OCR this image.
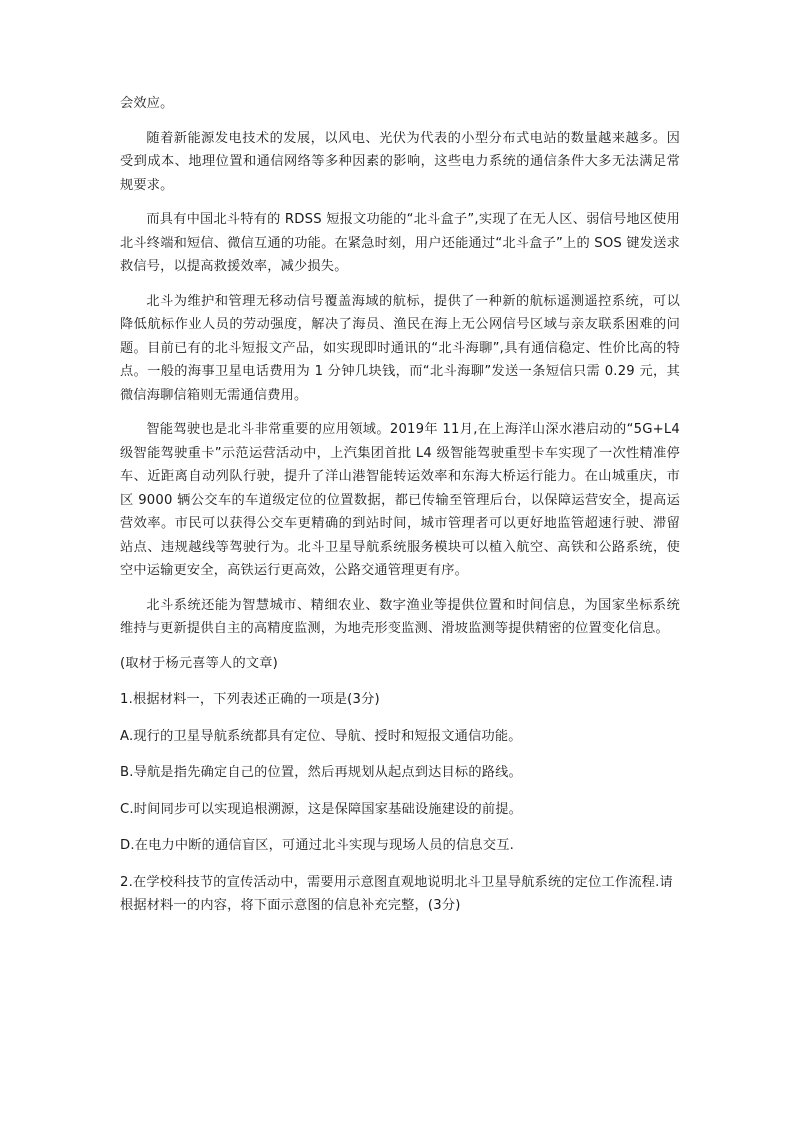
会效应。

随着新能源发电技术的发展，以风电、光伏为代表的小型分布式电站的数量越来越多。因受到成本、地理位置和通信网络等多种因素的影响，这些电力系统的通信条件大多无法满足常规要求。

而具有中国北斗特有的 RDSS 短报文功能的“北斗盒子”,实现了在无人区、弱信号地区使用北斗终端和短信、微信互通的功能。在紧急时刻，用户还能通过“北斗盒子”上的 SOS 键发送求救信号，以提高救援效率，减少损失。

北斗为维护和管理无移动信号覆盖海域的航标，提供了一种新的航标遥测遥控系统，可以降低航标作业人员的劳动强度，解决了海员、渔民在海上无公网信号区域与亲友联系困难的问题。目前已有的北斗短报文产品，如实现即时通讯的“北斗海聊”,具有通信稳定、性价比高的特点。一般的海事卫星电话费用为 1 分钟几块钱，而“北斗海聊”发送一条短信只需 0.29 元，其微信海聊信箱则无需通信费用。

智能驾驶也是北斗非常重要的应用领域。2019年 11月,在上海洋山深水港启动的“5G+L4 级智能驾驶重卡”示范运营活动中，上汽集团首批 L4 级智能驾驶重型卡车实现了一次性精准停车、近距离自动列队行驶，提升了洋山港智能转运效率和东海大桥运行能力。在山城重庆，市区 9000 辆公交车的车道级定位的位置数据，都已传输至管理后台，以保障运营安全，提高运营效率。市民可以获得公交车更精确的到站时间，城市管理者可以更好地监管超速行驶、滞留站点、违规越线等驾驶行为。北斗卫星导航系统服务模块可以植入航空、高铁和公路系统，使空中运输更安全，高铁运行更高效，公路交通管理更有序。

北斗系统还能为智慧城市、精细农业、数字渔业等提供位置和时间信息，为国家坐标系统维持与更新提供自主的高精度监测，为地壳形变监测、滑坡监测等提供精密的位置变化信息。

(取材于杨元喜等人的文章)

1.根据材料一，下列表述正确的一项是(3分)

A.现行的卫星导航系统都具有定位、导航、授时和短报文通信功能。

B.导航是指先确定自己的位置，然后再规划从起点到达目标的路线。

C.时间同步可以实现追根溯源，这是保障国家基础设施建设的前提。

D.在电力中断的通信盲区，可通过北斗实现与现场人员的信息交互.

2.在学校科技节的宣传活动中，需要用示意图直观地说明北斗卫星导航系统的定位工作流程.请根据材料一的内容，将下面示意图的信息补充完整，(3分)
